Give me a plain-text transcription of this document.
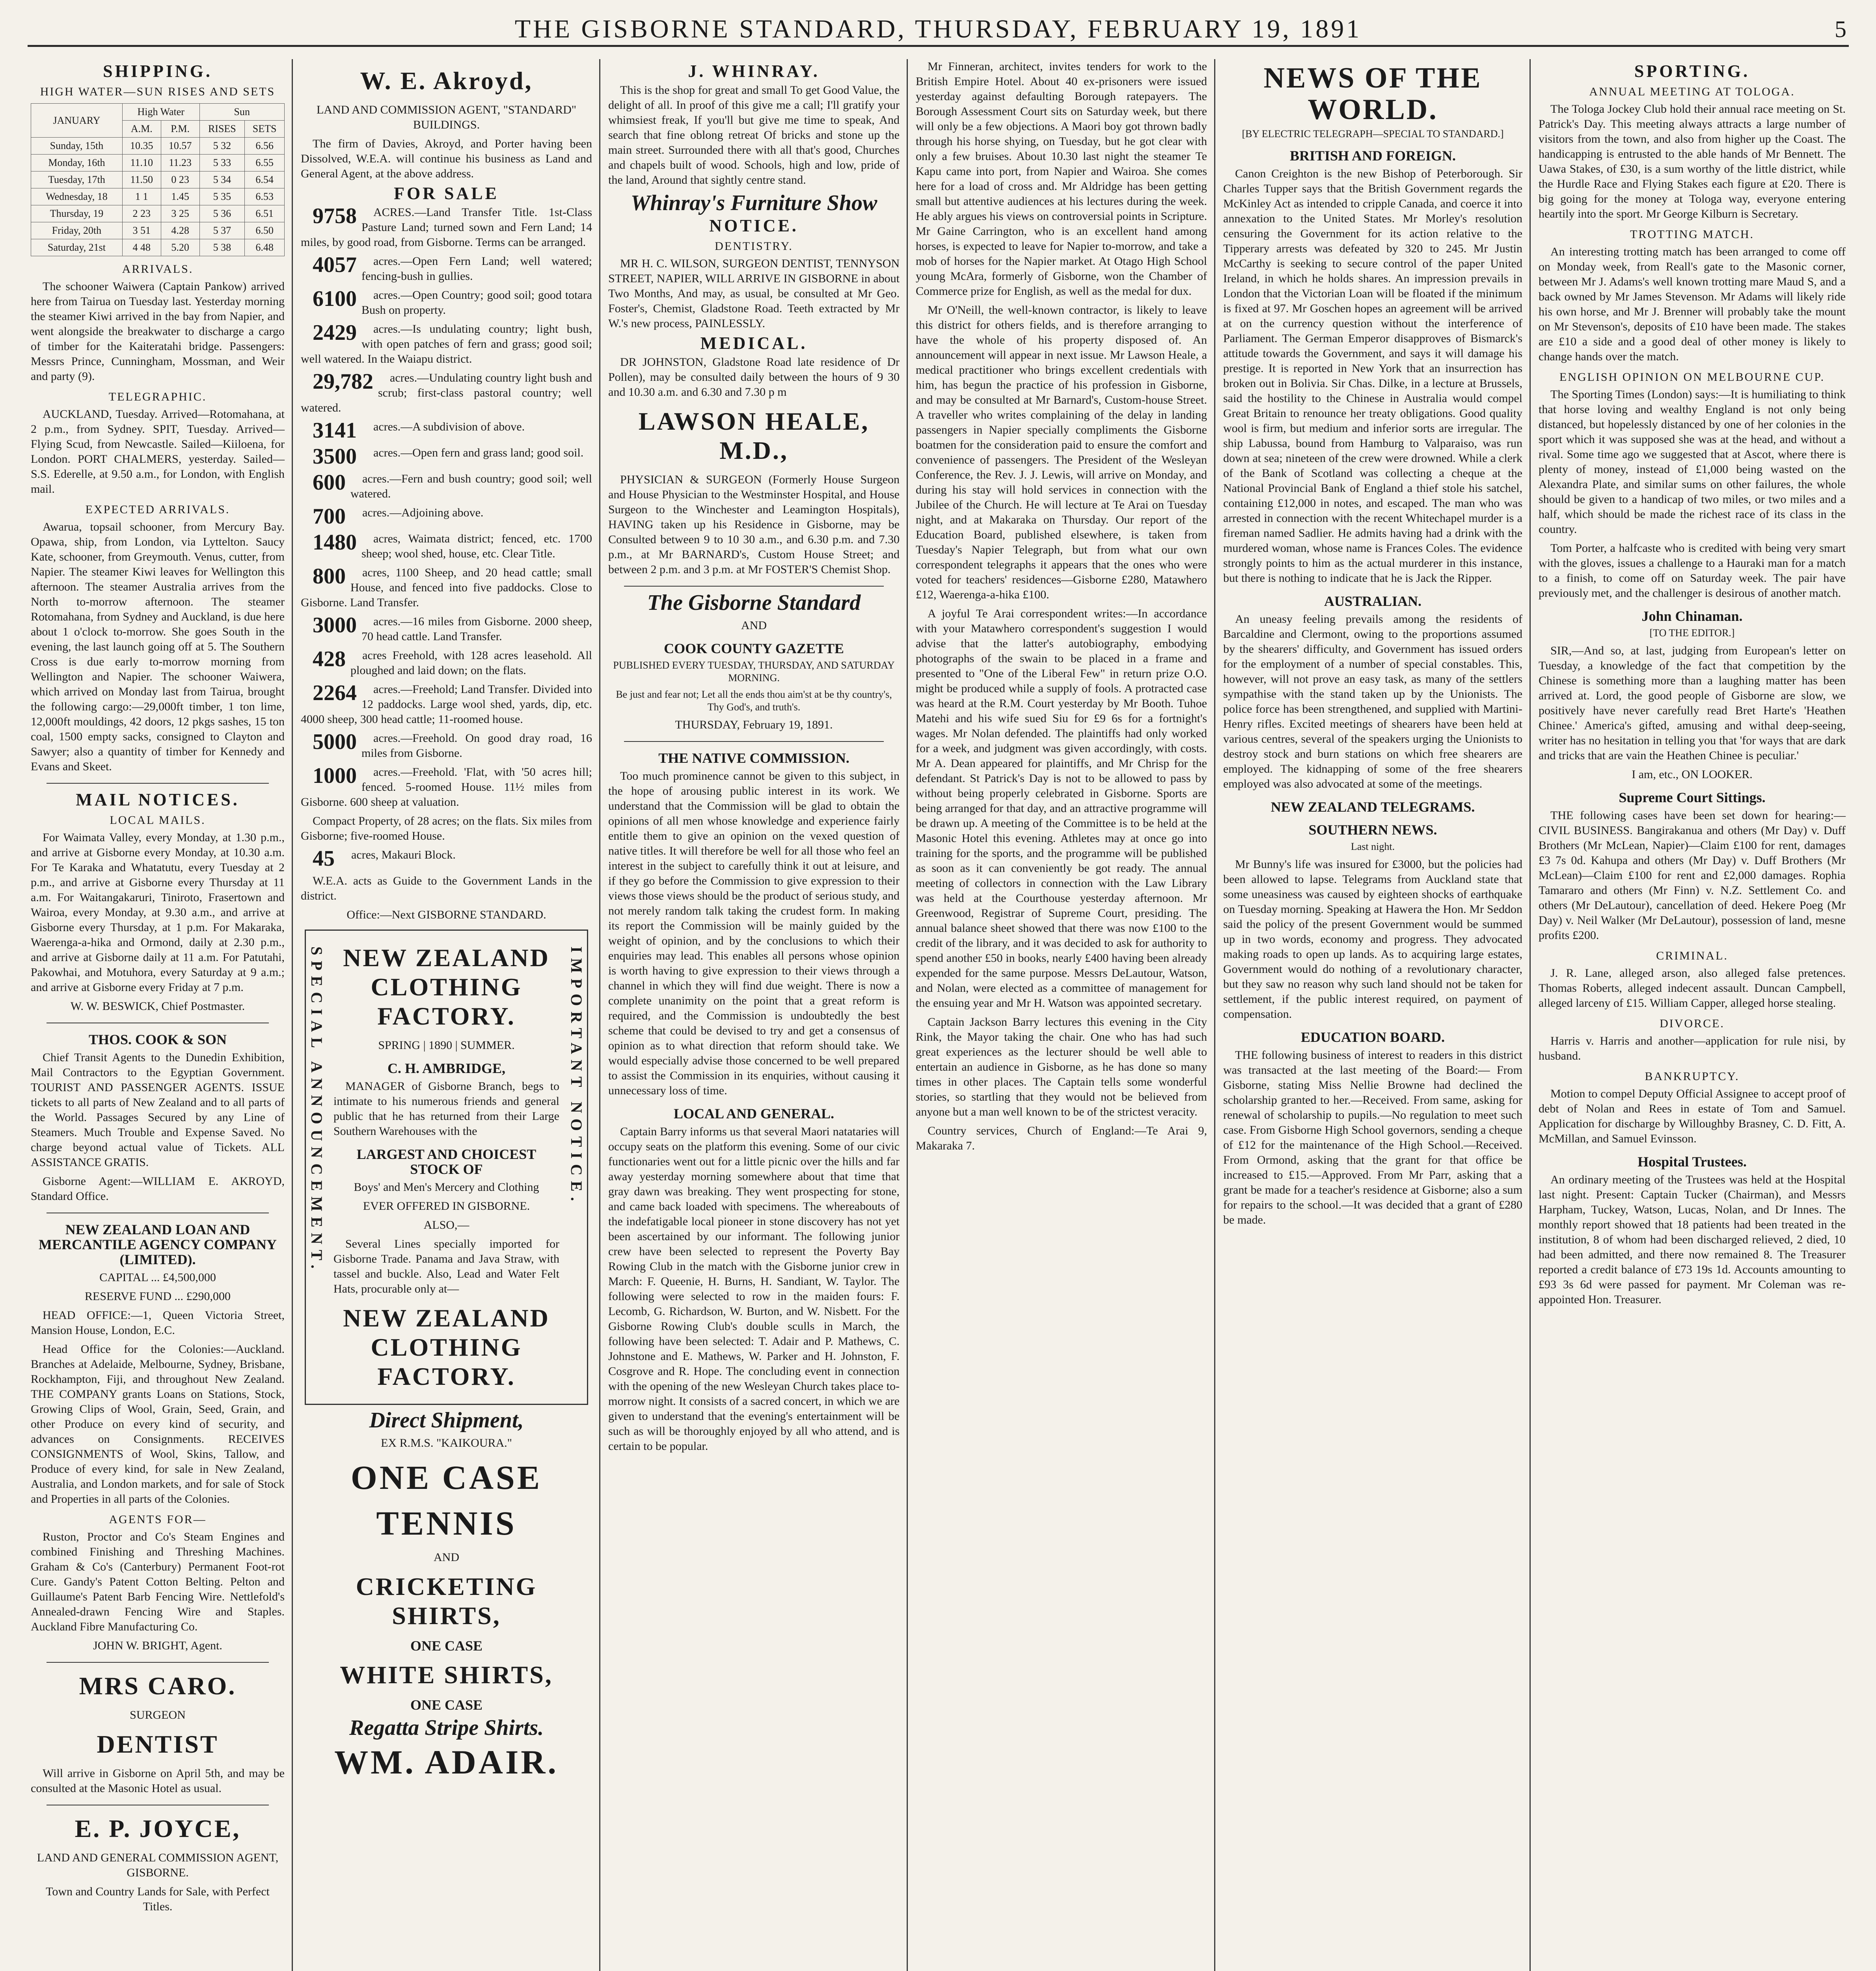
THE GISBORNE STANDARD, THURSDAY, FEBRUARY 19, 1891	5
SHIPPING.
HIGH WATER—SUN RISES AND SETS
JANUARY	High Water		Sun	
	A.M.	P.M.	RISES	SETS
Sunday, 15th	10.35	10.57	5 32	6.56
Monday, 16th	11.10	11.23	5 33	6.55
Tuesday, 17th	11.50	0 23	5 34	6.54
Wednesday, 18	1 1	1.45	5 35	6.53
Thursday, 19	2 23	3 25	5 36	6.51
Friday, 20th	3 51	4.28	5 37	6.50
Saturday, 21st	4 48	5.20	5 38	6.48
ARRIVALS.

The schooner Waiwera (Captain Pankow) arrived here from Tairua on Tuesday last. Yesterday morning the steamer Kiwi arrived in the bay from Napier, and went alongside the breakwater to discharge a cargo of timber for the Kaiteratahi bridge. Passengers: Messrs Prince, Cunningham, Mossman, and Weir and party (9).

TELEGRAPHIC.

AUCKLAND, Tuesday. Arrived—Rotomahana, at 2 p.m., from Sydney. SPIT, Tuesday. Arrived—Flying Scud, from Newcastle. Sailed—Kiiloena, for London. PORT CHALMERS, yesterday. Sailed—S.S. Ederelle, at 9.50 a.m., for London, with English mail.

EXPECTED ARRIVALS.

Awarua, topsail schooner, from Mercury Bay. Opawa, ship, from London, via Lyttelton. Saucy Kate, schooner, from Greymouth. Venus, cutter, from Napier. The steamer Kiwi leaves for Wellington this afternoon. The steamer Australia arrives from the North to-morrow afternoon. The steamer Rotomahana, from Sydney and Auckland, is due here about 1 o'clock to-morrow. She goes South in the evening, the last launch going off at 5. The Southern Cross is due early to-morrow morning from Wellington and Napier. The schooner Waiwera, which arrived on Monday last from Tairua, brought the following cargo:—29,000ft timber, 1 ton lime, 12,000ft mouldings, 42 doors, 12 pkgs sashes, 15 ton coal, 1500 empty sacks, consigned to Clayton and Sawyer; also a quantity of timber for Kennedy and Evans and Skeet.

MAIL NOTICES.
LOCAL MAILS.

For Waimata Valley, every Monday, at 1.30 p.m., and arrive at Gisborne every Monday, at 10.30 a.m. For Te Karaka and Whatatutu, every Tuesday at 2 p.m., and arrive at Gisborne every Thursday at 11 a.m. For Waitangakaruri, Tiniroto, Frasertown and Wairoa, every Monday, at 9.30 a.m., and arrive at Gisborne every Thursday, at 1 p.m. For Makaraka, Waerenga-a-hika and Ormond, daily at 2.30 p.m., and arrive at Gisborne daily at 11 a.m. For Patutahi, Pakowhai, and Motuhora, every Saturday at 9 a.m.; and arrive at Gisborne every Friday at 7 p.m.

W. W. BESWICK, Chief Postmaster.

THOS. COOK & SON

Chief Transit Agents to the Dunedin Exhibition, Mail Contractors to the Egyptian Government. TOURIST AND PASSENGER AGENTS. ISSUE tickets to all parts of New Zealand and to all parts of the World. Passages Secured by any Line of Steamers. Much Trouble and Expense Saved. No charge beyond actual value of Tickets. ALL ASSISTANCE GRATIS.

Gisborne Agent:—WILLIAM E. AKROYD, Standard Office.

NEW ZEALAND LOAN AND MERCANTILE AGENCY COMPANY (LIMITED).

CAPITAL ... £4,500,000

RESERVE FUND ... £290,000

HEAD OFFICE:—1, Queen Victoria Street, Mansion House, London, E.C.

Head Office for the Colonies:—Auckland. Branches at Adelaide, Melbourne, Sydney, Brisbane, Rockhampton, Fiji, and throughout New Zealand. THE COMPANY grants Loans on Stations, Stock, Growing Clips of Wool, Grain, Seed, Grain, and other Produce on every kind of security, and advances on Consignments. RECEIVES CONSIGNMENTS of Wool, Skins, Tallow, and Produce of every kind, for sale in New Zealand, Australia, and London markets, and for sale of Stock and Properties in all parts of the Colonies.

AGENTS FOR—

Ruston, Proctor and Co's Steam Engines and combined Finishing and Threshing Machines. Graham & Co's (Canterbury) Permanent Foot-rot Cure. Gandy's Patent Cotton Belting. Pelton and Guillaume's Patent Barb Fencing Wire. Nettlefold's Annealed-drawn Fencing Wire and Staples. Auckland Fibre Manufacturing Co.

JOHN W. BRIGHT, Agent.

MRS CARO.

SURGEON

DENTIST

Will arrive in Gisborne on April 5th, and may be consulted at the Masonic Hotel as usual.

E. P. JOYCE,

LAND AND GENERAL COMMISSION AGENT, GISBORNE.

Town and Country Lands for Sale, with Perfect Titles.

W. E. Akroyd,

LAND AND COMMISSION AGENT, "STANDARD" BUILDINGS.

The firm of Davies, Akroyd, and Porter having been Dissolved, W.E.A. will continue his business as Land and General Agent, at the above address.

FOR SALE

9758 ACRES.—Land Transfer Title. 1st-Class Pasture Land; turned sown and Fern Land; 14 miles, by good road, from Gisborne. Terms can be arranged.

4057 acres.—Open Fern Land; well watered; fencing-bush in gullies.

6100 acres.—Open Country; good soil; good totara Bush on property.

2429 acres.—Is undulating country; light bush, with open patches of fern and grass; good soil; well watered. In the Waiapu district.

29,782 acres.—Undulating country light bush and scrub; first-class pastoral country; well watered.

3141 acres.—A subdivision of above.

3500 acres.—Open fern and grass land; good soil.

600 acres.—Fern and bush country; good soil; well watered.

700 acres.—Adjoining above.

1480 acres, Waimata district; fenced, etc. 1700 sheep; wool shed, house, etc. Clear Title.

800 acres, 1100 Sheep, and 20 head cattle; small House, and fenced into five paddocks. Close to Gisborne. Land Transfer.

3000 acres.—16 miles from Gisborne. 2000 sheep, 70 head cattle. Land Transfer.

428 acres Freehold, with 128 acres leasehold. All ploughed and laid down; on the flats.

2264 acres.—Freehold; Land Transfer. Divided into 12 paddocks. Large wool shed, yards, dip, etc. 4000 sheep, 300 head cattle; 11-roomed house.

5000 acres.—Freehold. On good dray road, 16 miles from Gisborne.

1000 acres.—Freehold. 'Flat, with '50 acres hill; fenced. 5-roomed House. 11½ miles from Gisborne. 600 sheep at valuation.

Compact Property, of 28 acres; on the flats. Six miles from Gisborne; five-roomed House.

45 acres, Makauri Block.

W.E.A. acts as Guide to the Government Lands in the district.

Office:—Next GISBORNE STANDARD.

SPECIAL ANNOUNCEMENT.	IMPORTANT NOTICE.
NEW ZEALAND CLOTHING FACTORY.

SPRING | 1890 | SUMMER.

C. H. AMBRIDGE,

MANAGER of Gisborne Branch, begs to intimate to his numerous friends and general public that he has returned from their Large Southern Warehouses with the

LARGEST AND CHOICEST STOCK OF

Boys' and Men's Mercery and Clothing

EVER OFFERED IN GISBORNE.

ALSO,—

Several Lines specially imported for Gisborne Trade. Panama and Java Straw, with tassel and buckle. Also, Lead and Water Felt Hats, procurable only at—

NEW ZEALAND CLOTHING FACTORY.
Direct Shipment,

EX R.M.S. "KAIKOURA."

ONE CASE
TENNIS

AND

CRICKETING SHIRTS,
ONE CASE
WHITE SHIRTS,
ONE CASE
Regatta Stripe Shirts.
WM. ADAIR.
J. WHINRAY.

This is the shop for great and small To get Good Value, the delight of all. In proof of this give me a call; I'll gratify your whimsiest freak, If you'll but give me time to speak, And search that fine oblong retreat Of bricks and stone up the main street. Surrounded there with all that's good, Churches and chapels built of wood. Schools, high and low, pride of the land, Around that sightly centre stand.

Whinray's Furniture Show
NOTICE.
DENTISTRY.

MR H. C. WILSON, SURGEON DENTIST, TENNYSON STREET, NAPIER, WILL ARRIVE IN GISBORNE in about Two Months, And may, as usual, be consulted at Mr Geo. Foster's, Chemist, Gladstone Road. Teeth extracted by Mr W.'s new process, PAINLESSLY.

MEDICAL.

DR JOHNSTON, Gladstone Road late residence of Dr Pollen), may be consulted daily between the hours of 9 30 and 10.30 a.m. and 6.30 and 7.30 p m

LAWSON HEALE, M.D.,

PHYSICIAN & SURGEON (Formerly House Surgeon and House Physician to the Westminster Hospital, and House Surgeon to the Winchester and Leamington Hospitals), HAVING taken up his Residence in Gisborne, may be Consulted between 9 to 10 30 a.m., and 6.30 p.m. and 7.30 p.m., at Mr BARNARD's, Custom House Street; and between 2 p.m. and 3 p.m. at Mr FOSTER'S Chemist Shop.

The Gisborne Standard

AND

COOK COUNTY GAZETTE

PUBLISHED EVERY TUESDAY, THURSDAY, AND SATURDAY MORNING.

Be just and fear not; Let all the ends thou aim'st at be thy country's, Thy God's, and truth's.

THURSDAY, February 19, 1891.

THE NATIVE COMMISSION.

Too much prominence cannot be given to this subject, in the hope of arousing public interest in its work. We understand that the Commission will be glad to obtain the opinions of all men whose knowledge and experience fairly entitle them to give an opinion on the vexed question of native titles. It will therefore be well for all those who feel an interest in the subject to carefully think it out at leisure, and if they go before the Commission to give expression to their views those views should be the product of serious study, and not merely random talk taking the crudest form. In making its report the Commission will be mainly guided by the weight of opinion, and by the conclusions to which their enquiries may lead. This enables all persons whose opinion is worth having to give expression to their views through a channel in which they will find due weight. There is now a complete unanimity on the point that a great reform is required, and the Commission is undoubtedly the best scheme that could be devised to try and get a consensus of opinion as to what direction that reform should take. We would especially advise those concerned to be well prepared to assist the Commission in its enquiries, without causing it unnecessary loss of time.

LOCAL AND GENERAL.

Captain Barry informs us that several Maori natataries will occupy seats on the platform this evening. Some of our civic functionaries went out for a little picnic over the hills and far away yesterday morning somewhere about that time that gray dawn was breaking. They went prospecting for stone, and came back loaded with specimens. The whereabouts of the indefatigable local pioneer in stone discovery has not yet been ascertained by our informant. The following junior crew have been selected to represent the Poverty Bay Rowing Club in the match with the Gisborne junior crew in March: F. Queenie, H. Burns, H. Sandiant, W. Taylor. The following were selected to row in the maiden fours: F. Lecomb, G. Richardson, W. Burton, and W. Nisbett. For the Gisborne Rowing Club's double sculls in March, the following have been selected: T. Adair and P. Mathews, C. Johnstone and E. Mathews, W. Parker and H. Johnston, F. Cosgrove and R. Hope. The concluding event in connection with the opening of the new Wesleyan Church takes place to-morrow night. It consists of a sacred concert, in which we are given to understand that the evening's entertainment will be such as will be thoroughly enjoyed by all who attend, and is certain to be popular.

Mr Finneran, architect, invites tenders for work to the British Empire Hotel. About 40 ex-prisoners were issued yesterday against defaulting Borough ratepayers. The Borough Assessment Court sits on Saturday week, but there will only be a few objections. A Maori boy got thrown badly through his horse shying, on Tuesday, but he got clear with only a few bruises. About 10.30 last night the steamer Te Kapu came into port, from Napier and Wairoa. She comes here for a load of cross and. Mr Aldridge has been getting small but attentive audiences at his lectures during the week. He ably argues his views on controversial points in Scripture. Mr Gaine Carrington, who is an excellent hand among horses, is expected to leave for Napier to-morrow, and take a mob of horses for the Napier market. At Otago High School young McAra, formerly of Gisborne, won the Chamber of Commerce prize for English, as well as the medal for dux.

Mr O'Neill, the well-known contractor, is likely to leave this district for others fields, and is therefore arranging to have the whole of his property disposed of. An announcement will appear in next issue. Mr Lawson Heale, a medical practitioner who brings excellent credentials with him, has begun the practice of his profession in Gisborne, and may be consulted at Mr Barnard's, Custom-house Street. A traveller who writes complaining of the delay in landing passengers in Napier specially compliments the Gisborne boatmen for the consideration paid to ensure the comfort and convenience of passengers. The President of the Wesleyan Conference, the Rev. J. J. Lewis, will arrive on Monday, and during his stay will hold services in connection with the Jubilee of the Church. He will lecture at Te Arai on Tuesday night, and at Makaraka on Thursday. Our report of the Education Board, published elsewhere, is taken from Tuesday's Napier Telegraph, but from what our own correspondent telegraphs it appears that the ones who were voted for teachers' residences—Gisborne £280, Matawhero £12, Waerenga-a-hika £100.

A joyful Te Arai correspondent writes:—In accordance with your Matawhero correspondent's suggestion I would advise that the latter's autobiography, embodying photographs of the swain to be placed in a frame and presented to "One of the Liberal Few" in return prize O.O. might be produced while a supply of fools. A protracted case was heard at the R.M. Court yesterday by Mr Booth. Tuhoe Matehi and his wife sued Siu for £9 6s for a fortnight's wages. Mr Nolan defended. The plaintiffs had only worked for a week, and judgment was given accordingly, with costs. Mr A. Dean appeared for plaintiffs, and Mr Chrisp for the defendant. St Patrick's Day is not to be allowed to pass by without being properly celebrated in Gisborne. Sports are being arranged for that day, and an attractive programme will be drawn up. A meeting of the Committee is to be held at the Masonic Hotel this evening. Athletes may at once go into training for the sports, and the programme will be published as soon as it can conveniently be got ready. The annual meeting of collectors in connection with the Law Library was held at the Courthouse yesterday afternoon. Mr Greenwood, Registrar of Supreme Court, presiding. The annual balance sheet showed that there was now £100 to the credit of the library, and it was decided to ask for authority to spend another £50 in books, nearly £400 having been already expended for the same purpose. Messrs DeLautour, Watson, and Nolan, were elected as a committee of management for the ensuing year and Mr H. Watson was appointed secretary.

Captain Jackson Barry lectures this evening in the City Rink, the Mayor taking the chair. One who has had such great experiences as the lecturer should be well able to entertain an audience in Gisborne, as he has done so many times in other places. The Captain tells some wonderful stories, so startling that they would not be believed from anyone but a man well known to be of the strictest veracity.

Country services, Church of England:—Te Arai 9, Makaraka 7.

NEWS OF THE WORLD.

[BY ELECTRIC TELEGRAPH—SPECIAL TO STANDARD.]

BRITISH AND FOREIGN.

Canon Creighton is the new Bishop of Peterborough. Sir Charles Tupper says that the British Government regards the McKinley Act as intended to cripple Canada, and coerce it into annexation to the United States. Mr Morley's resolution censuring the Government for its action relative to the Tipperary arrests was defeated by 320 to 245. Mr Justin McCarthy is seeking to secure control of the paper United Ireland, in which he holds shares. An impression prevails in London that the Victorian Loan will be floated if the minimum is fixed at 97. Mr Goschen hopes an agreement will be arrived at on the currency question without the interference of Parliament. The German Emperor disapproves of Bismarck's attitude towards the Government, and says it will damage his prestige. It is reported in New York that an insurrection has broken out in Bolivia. Sir Chas. Dilke, in a lecture at Brussels, said the hostility to the Chinese in Australia would compel Great Britain to renounce her treaty obligations. Good quality wool is firm, but medium and inferior sorts are irregular. The ship Labussa, bound from Hamburg to Valparaiso, was run down at sea; nineteen of the crew were drowned. While a clerk of the Bank of Scotland was collecting a cheque at the National Provincial Bank of England a thief stole his satchel, containing £12,000 in notes, and escaped. The man who was arrested in connection with the recent Whitechapel murder is a fireman named Sadlier. He admits having had a drink with the murdered woman, whose name is Frances Coles. The evidence strongly points to him as the actual murderer in this instance, but there is nothing to indicate that he is Jack the Ripper.

AUSTRALIAN.

An uneasy feeling prevails among the residents of Barcaldine and Clermont, owing to the proportions assumed by the shearers' difficulty, and Government has issued orders for the employment of a number of special constables. This, however, will not prove an easy task, as many of the settlers sympathise with the stand taken up by the Unionists. The police force has been strengthened, and supplied with Martini-Henry rifles. Excited meetings of shearers have been held at various centres, several of the speakers urging the Unionists to destroy stock and burn stations on which free shearers are employed. The kidnapping of some of the free shearers employed was also advocated at some of the meetings.

NEW ZEALAND TELEGRAMS.
SOUTHERN NEWS.

Last night.

Mr Bunny's life was insured for £3000, but the policies had been allowed to lapse. Telegrams from Auckland state that some uneasiness was caused by eighteen shocks of earthquake on Tuesday morning. Speaking at Hawera the Hon. Mr Seddon said the policy of the present Government would be summed up in two words, economy and progress. They advocated making roads to open up lands. As to acquiring large estates, Government would do nothing of a revolutionary character, but they saw no reason why such land should not be taken for settlement, if the public interest required, on payment of compensation.

EDUCATION BOARD.

THE following business of interest to readers in this district was transacted at the last meeting of the Board:— From Gisborne, stating Miss Nellie Browne had declined the scholarship granted to her.—Received. From same, asking for renewal of scholarship to pupils.—No regulation to meet such case. From Gisborne High School governors, sending a cheque of £12 for the maintenance of the High School.—Received. From Ormond, asking that the grant for that office be increased to £15.—Approved. From Mr Parr, asking that a grant be made for a teacher's residence at Gisborne; also a sum for repairs to the school.—It was decided that a grant of £280 be made.

SPORTING.
ANNUAL MEETING AT TOLOGA.

The Tologa Jockey Club hold their annual race meeting on St. Patrick's Day. This meeting always attracts a large number of visitors from the town, and also from higher up the Coast. The handicapping is entrusted to the able hands of Mr Bennett. The Uawa Stakes, of £30, is a sum worthy of the little district, while the Hurdle Race and Flying Stakes each figure at £20. There is big going for the money at Tologa way, everyone entering heartily into the sport. Mr George Kilburn is Secretary.

TROTTING MATCH.

An interesting trotting match has been arranged to come off on Monday week, from Reall's gate to the Masonic corner, between Mr J. Adams's well known trotting mare Maud S, and a back owned by Mr James Stevenson. Mr Adams will likely ride his own horse, and Mr J. Brenner will probably take the mount on Mr Stevenson's, deposits of £10 have been made. The stakes are £10 a side and a good deal of other money is likely to change hands over the match.

ENGLISH OPINION ON MELBOURNE CUP.

The Sporting Times (London) says:—It is humiliating to think that horse loving and wealthy England is not only being distanced, but hopelessly distanced by one of her colonies in the sport which it was supposed she was at the head, and without a rival. Some time ago we suggested that at Ascot, where there is plenty of money, instead of £1,000 being wasted on the Alexandra Plate, and similar sums on other failures, the whole should be given to a handicap of two miles, or two miles and a half, which should be made the richest race of its class in the country.

Tom Porter, a halfcaste who is credited with being very smart with the gloves, issues a challenge to a Hauraki man for a match to a finish, to come off on Saturday week. The pair have previously met, and the challenger is desirous of another match.

John Chinaman.

[TO THE EDITOR.]

SIR,—And so, at last, judging from European's letter on Tuesday, a knowledge of the fact that competition by the Chinese is something more than a laughing matter has been arrived at. Lord, the good people of Gisborne are slow, we positively have never carefully read Bret Harte's 'Heathen Chinee.' America's gifted, amusing and withal deep-seeing, writer has no hesitation in telling you that 'for ways that are dark and tricks that are vain the Heathen Chinee is peculiar.'

I am, etc., ON LOOKER.

Supreme Court Sittings.

THE following cases have been set down for hearing:— CIVIL BUSINESS. Bangirakanua and others (Mr Day) v. Duff Brothers (Mr McLean, Napier)—Claim £100 for rent, damages £3 7s 0d. Kahupa and others (Mr Day) v. Duff Brothers (Mr McLean)—Claim £100 for rent and £2,000 damages. Rophia Tamararo and others (Mr Finn) v. N.Z. Settlement Co. and others (Mr DeLautour), cancellation of deed. Hekere Poeg (Mr Day) v. Neil Walker (Mr DeLautour), possession of land, mesne profits £200.

CRIMINAL.

J. R. Lane, alleged arson, also alleged false pretences. Thomas Roberts, alleged indecent assault. Duncan Campbell, alleged larceny of £15. William Capper, alleged horse stealing.

DIVORCE.

Harris v. Harris and another—application for rule nisi, by husband.

BANKRUPTCY.

Motion to compel Deputy Official Assignee to accept proof of debt of Nolan and Rees in estate of Tom and Samuel. Application for discharge by Willoughby Brasney, C. D. Fitt, A. McMillan, and Samuel Evinsson.

Hospital Trustees.

An ordinary meeting of the Trustees was held at the Hospital last night. Present: Captain Tucker (Chairman), and Messrs Harpham, Tuckey, Watson, Lucas, Nolan, and Dr Innes. The monthly report showed that 18 patients had been treated in the institution, 8 of whom had been discharged relieved, 2 died, 10 had been admitted, and there now remained 8. The Treasurer reported a credit balance of £73 19s 1d. Accounts amounting to £93 3s 6d were passed for payment. Mr Coleman was re-appointed Hon. Treasurer.
